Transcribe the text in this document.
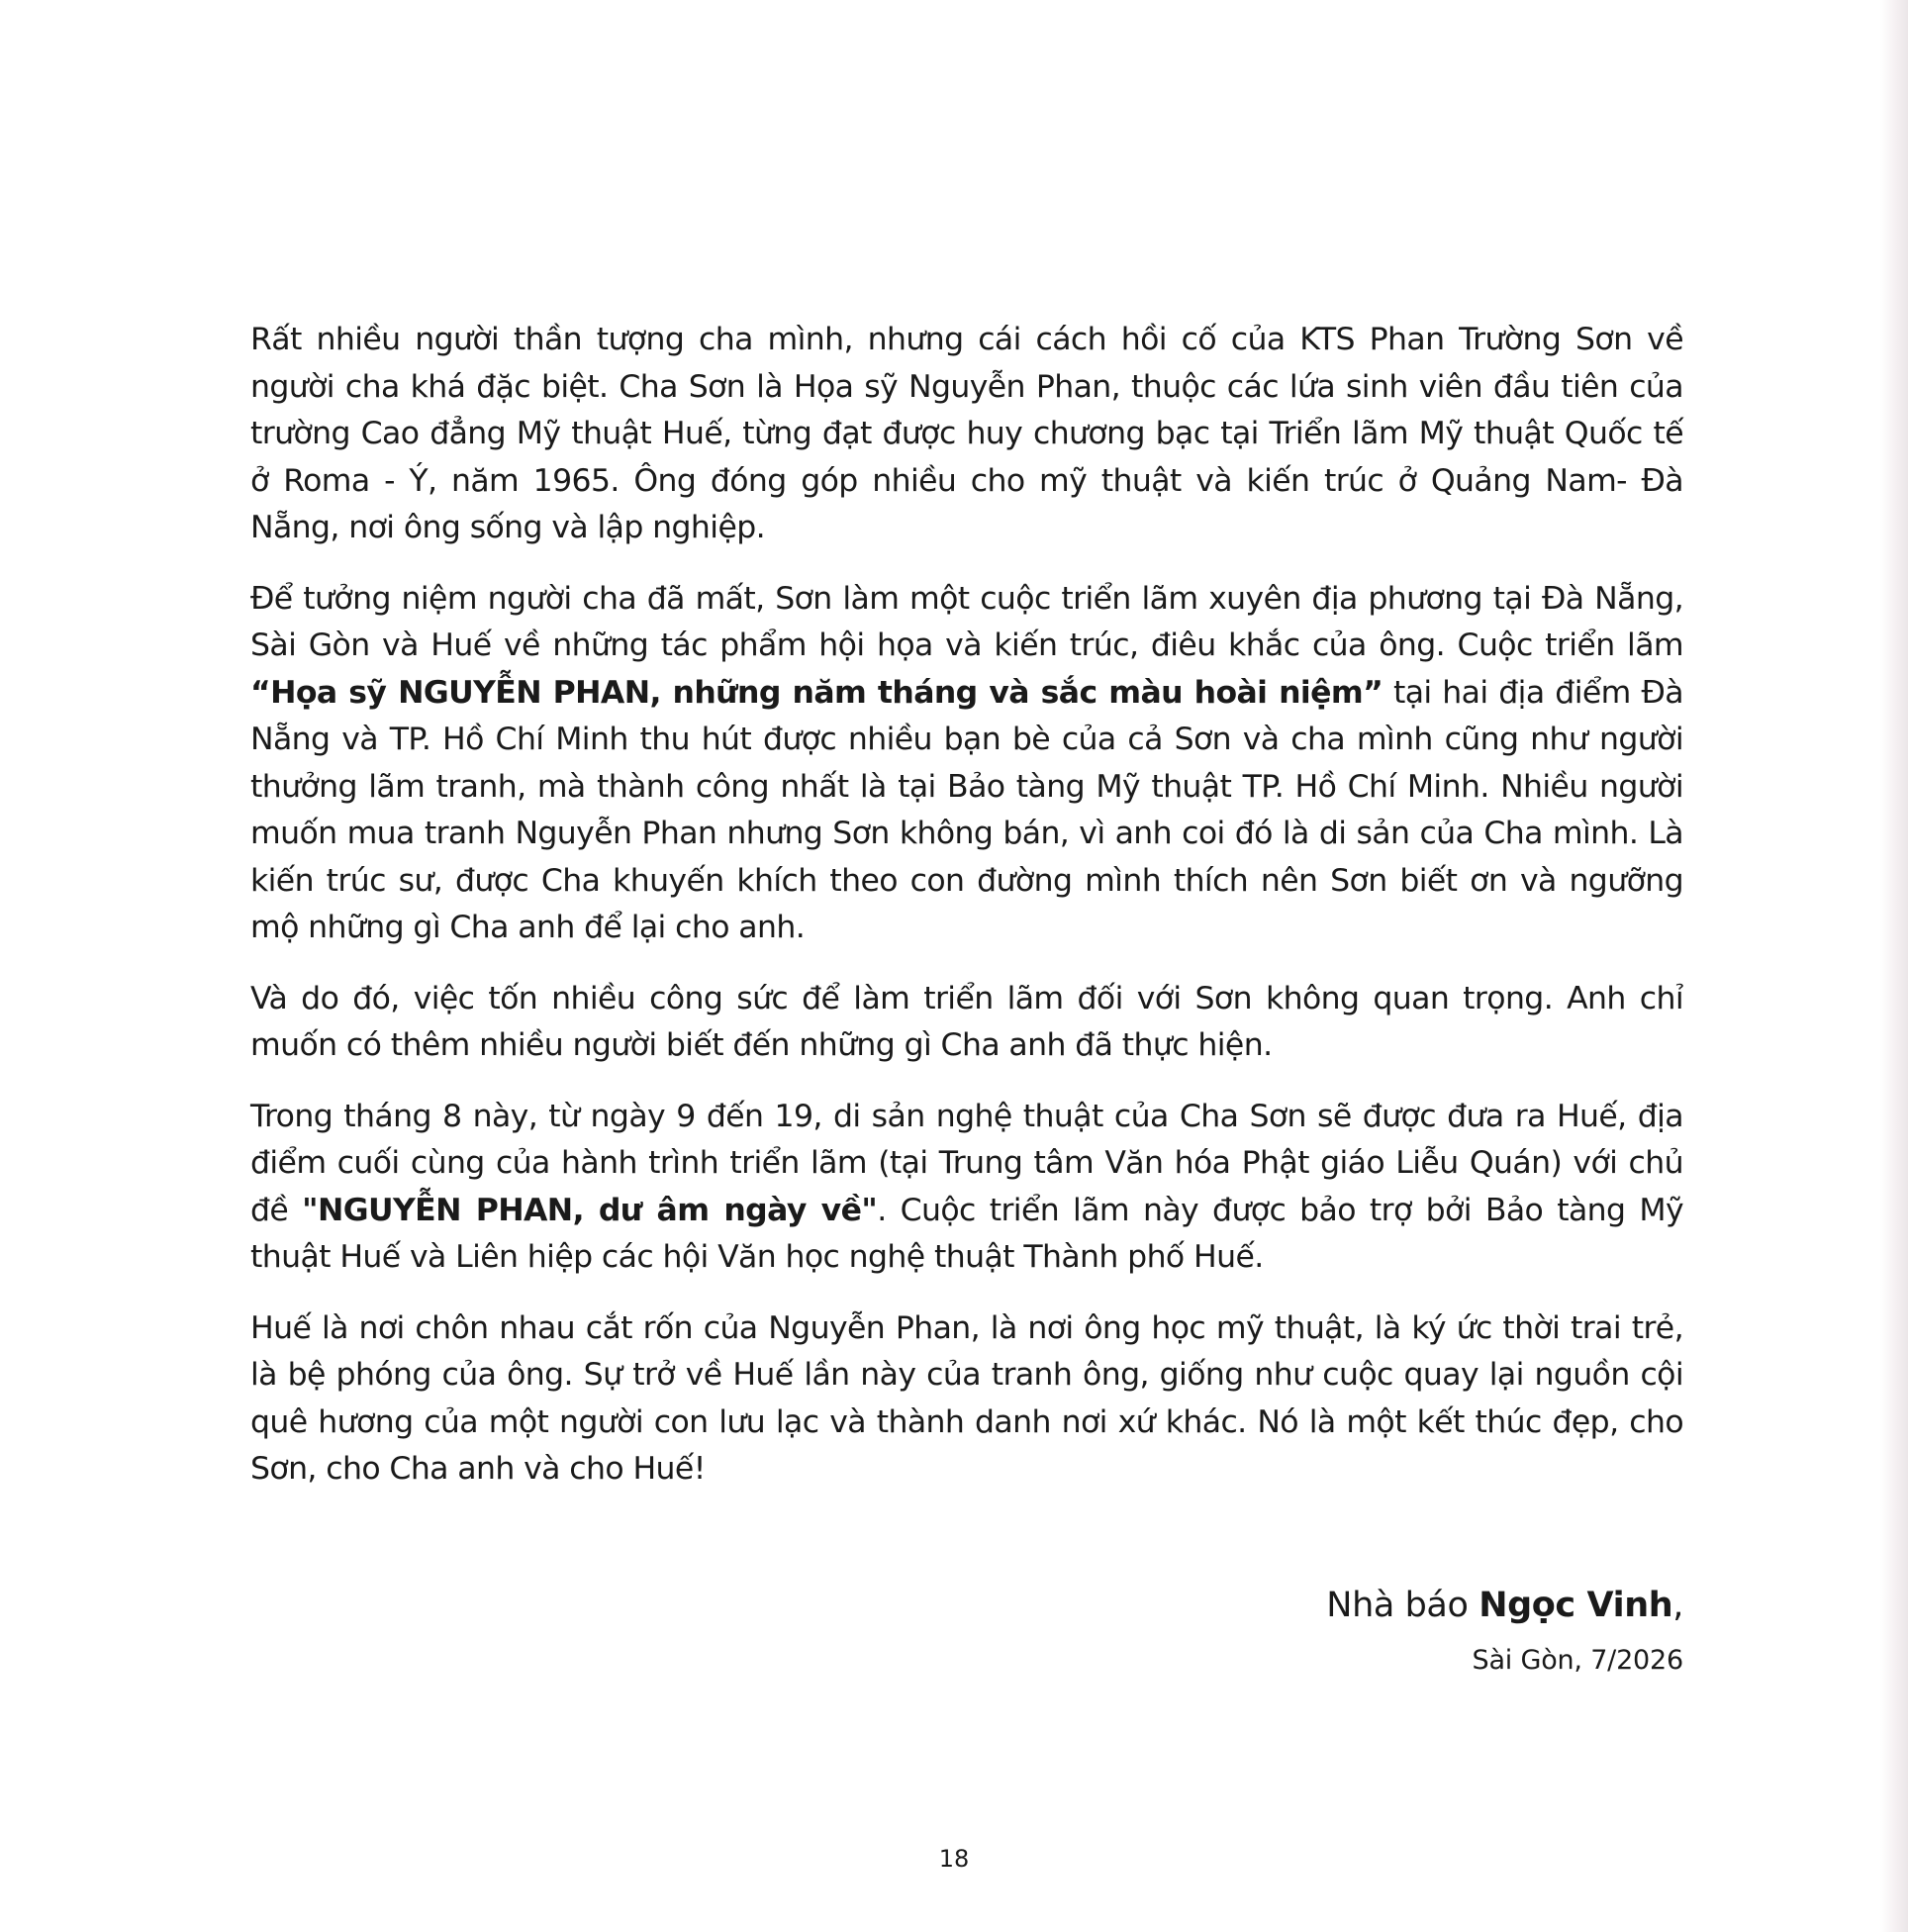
Rất nhiều người thần tượng cha mình, nhưng cái cách hồi cố của KTS Phan Trường Sơn về người cha khá đặc biệt. Cha Sơn là Họa sỹ Nguyễn Phan, thuộc các lứa sinh viên đầu tiên của trường Cao đẳng Mỹ thuật Huế, từng đạt được huy chương bạc tại Triển lãm Mỹ thuật Quốc tế ở Roma - Ý, năm 1965. Ông đóng góp nhiều cho mỹ thuật và kiến trúc ở Quảng Nam- Đà Nẵng, nơi ông sống và lập nghiệp.

Để tưởng niệm người cha đã mất, Sơn làm một cuộc triển lãm xuyên địa phương tại Đà Nẵng, Sài Gòn và Huế về những tác phẩm hội họa và kiến trúc, điêu khắc của ông. Cuộc triển lãm “Họa sỹ NGUYỄN PHAN, những năm tháng và sắc màu hoài niệm” tại hai địa điểm Đà Nẵng và TP. Hồ Chí Minh thu hút được nhiều bạn bè của cả Sơn và cha mình cũng như người thưởng lãm tranh, mà thành công nhất là tại Bảo tàng Mỹ thuật TP. Hồ Chí Minh. Nhiều người muốn mua tranh Nguyễn Phan nhưng Sơn không bán, vì anh coi đó là di sản của Cha mình. Là kiến trúc sư, được Cha khuyến khích theo con đường mình thích nên Sơn biết ơn và ngưỡng mộ những gì Cha anh để lại cho anh.

Và do đó, việc tốn nhiều công sức để làm triển lãm đối với Sơn không quan trọng. Anh chỉ muốn có thêm nhiều người biết đến những gì Cha anh đã thực hiện.

Trong tháng 8 này, từ ngày 9 đến 19, di sản nghệ thuật của Cha Sơn sẽ được đưa ra Huế, địa điểm cuối cùng của hành trình triển lãm (tại Trung tâm Văn hóa Phật giáo Liễu Quán) với chủ đề "NGUYỄN PHAN, dư âm ngày về". Cuộc triển lãm này được bảo trợ bởi Bảo tàng Mỹ thuật Huế và Liên hiệp các hội Văn học nghệ thuật Thành phố Huế.

Huế là nơi chôn nhau cắt rốn của Nguyễn Phan, là nơi ông học mỹ thuật, là ký ức thời trai trẻ, là bệ phóng của ông. Sự trở về Huế lần này của tranh ông, giống như cuộc quay lại nguồn cội quê hương của một người con lưu lạc và thành danh nơi xứ khác. Nó là một kết thúc đẹp, cho Sơn, cho Cha anh và cho Huế!

Nhà báo Ngọc Vinh,
Sài Gòn, 7/2026
18
